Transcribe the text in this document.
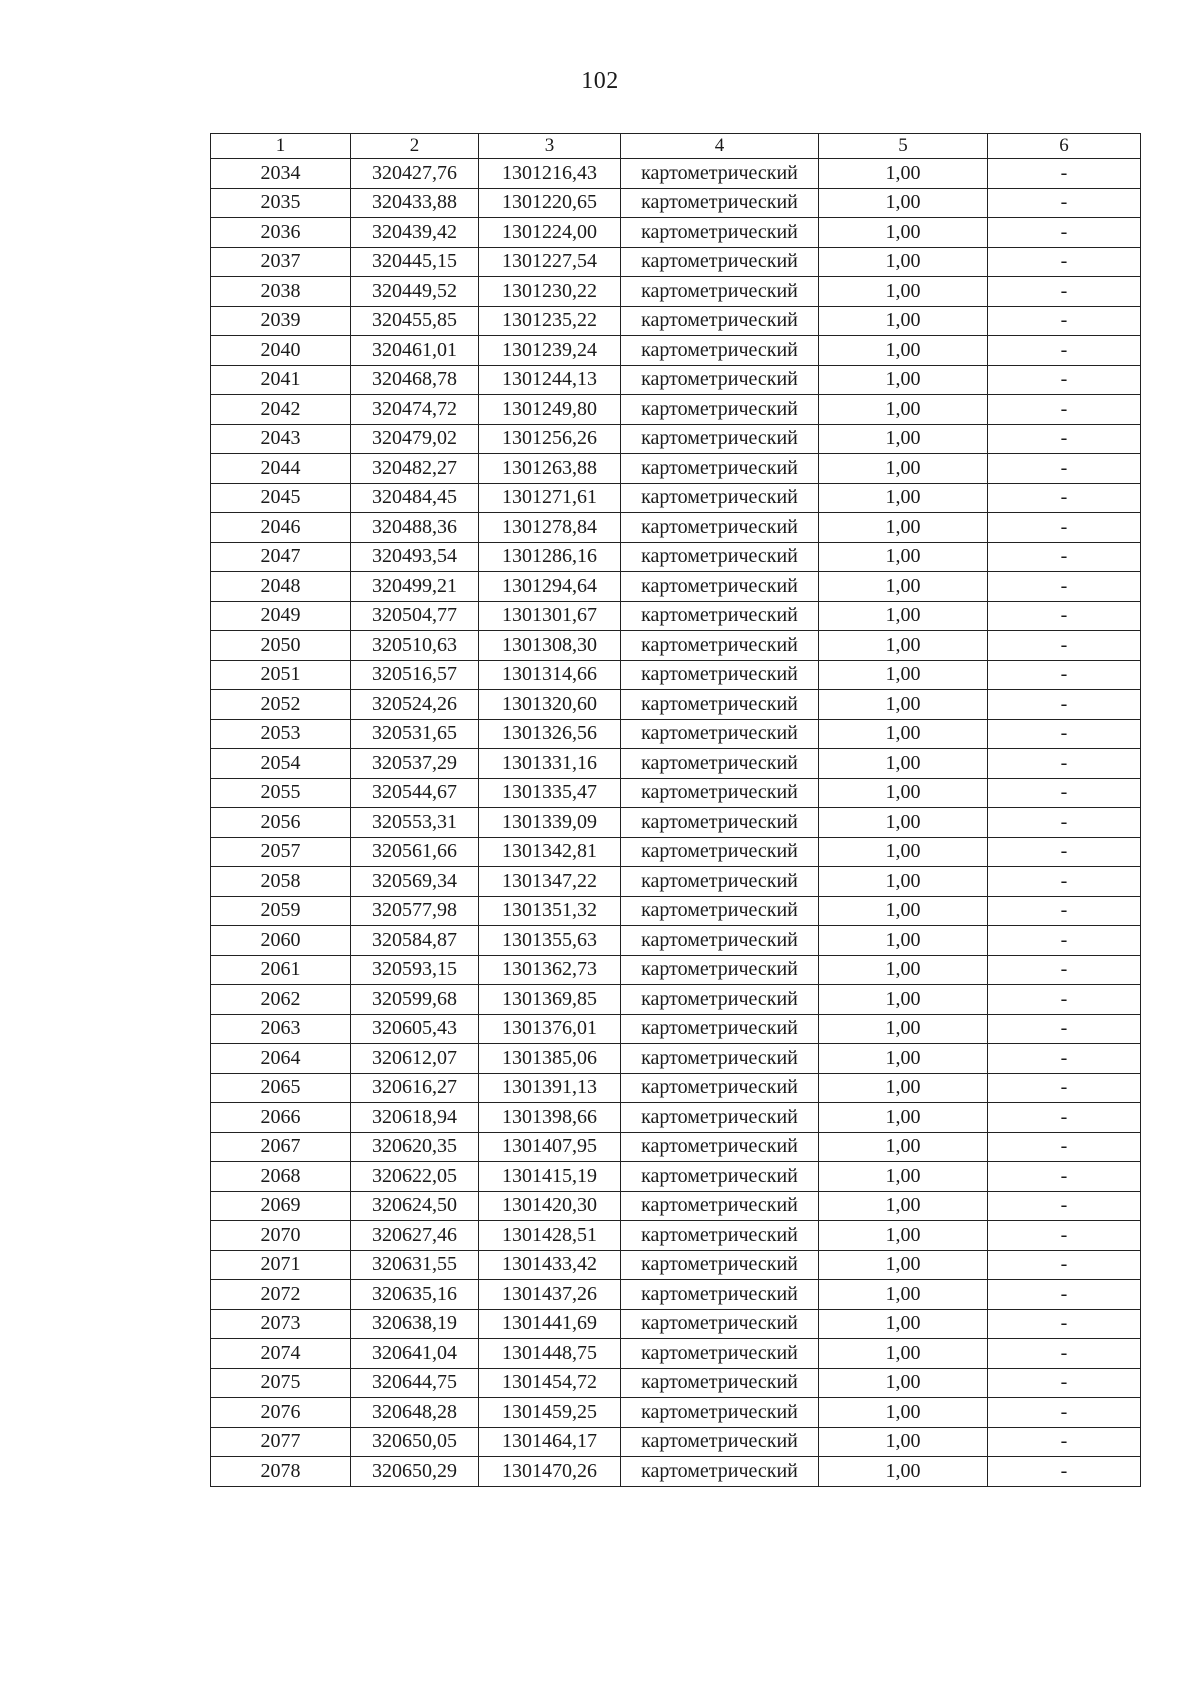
102
1	2	3	4	5	6
2034	320427,76	1301216,43	картометрический	1,00	-
2035	320433,88	1301220,65	картометрический	1,00	-
2036	320439,42	1301224,00	картометрический	1,00	-
2037	320445,15	1301227,54	картометрический	1,00	-
2038	320449,52	1301230,22	картометрический	1,00	-
2039	320455,85	1301235,22	картометрический	1,00	-
2040	320461,01	1301239,24	картометрический	1,00	-
2041	320468,78	1301244,13	картометрический	1,00	-
2042	320474,72	1301249,80	картометрический	1,00	-
2043	320479,02	1301256,26	картометрический	1,00	-
2044	320482,27	1301263,88	картометрический	1,00	-
2045	320484,45	1301271,61	картометрический	1,00	-
2046	320488,36	1301278,84	картометрический	1,00	-
2047	320493,54	1301286,16	картометрический	1,00	-
2048	320499,21	1301294,64	картометрический	1,00	-
2049	320504,77	1301301,67	картометрический	1,00	-
2050	320510,63	1301308,30	картометрический	1,00	-
2051	320516,57	1301314,66	картометрический	1,00	-
2052	320524,26	1301320,60	картометрический	1,00	-
2053	320531,65	1301326,56	картометрический	1,00	-
2054	320537,29	1301331,16	картометрический	1,00	-
2055	320544,67	1301335,47	картометрический	1,00	-
2056	320553,31	1301339,09	картометрический	1,00	-
2057	320561,66	1301342,81	картометрический	1,00	-
2058	320569,34	1301347,22	картометрический	1,00	-
2059	320577,98	1301351,32	картометрический	1,00	-
2060	320584,87	1301355,63	картометрический	1,00	-
2061	320593,15	1301362,73	картометрический	1,00	-
2062	320599,68	1301369,85	картометрический	1,00	-
2063	320605,43	1301376,01	картометрический	1,00	-
2064	320612,07	1301385,06	картометрический	1,00	-
2065	320616,27	1301391,13	картометрический	1,00	-
2066	320618,94	1301398,66	картометрический	1,00	-
2067	320620,35	1301407,95	картометрический	1,00	-
2068	320622,05	1301415,19	картометрический	1,00	-
2069	320624,50	1301420,30	картометрический	1,00	-
2070	320627,46	1301428,51	картометрический	1,00	-
2071	320631,55	1301433,42	картометрический	1,00	-
2072	320635,16	1301437,26	картометрический	1,00	-
2073	320638,19	1301441,69	картометрический	1,00	-
2074	320641,04	1301448,75	картометрический	1,00	-
2075	320644,75	1301454,72	картометрический	1,00	-
2076	320648,28	1301459,25	картометрический	1,00	-
2077	320650,05	1301464,17	картометрический	1,00	-
2078	320650,29	1301470,26	картометрический	1,00	-
